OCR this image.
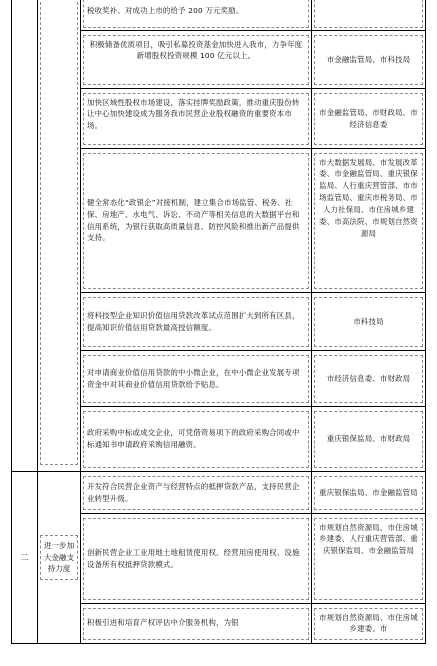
		税收奖补、对成功上市的给予 200 万元奖励。	

		积极储备优质项目，吸引私募投资基金加快进入我市，力争年度新增股权投资规模 100 亿元以上。	市金融监管局、市科技局

		加快区域性股权市场建设，落实挂牌奖励政策，推动重庆股份转让中心加快建设成为服务我市民营企业股权融资的重要资本市场。	市金融监管局、市财政局、市经济信息委

		健全常态化“政银企”对接机制，建立集合市场监管、税务、社保、房地产、水电气、诉讼、不动产等相关信息的大数据平台和信用系统，为银行获取高质量信息、防控风险和推出新产品提供支持。	市大数据发展局、市发展改革委、市金融监管局、重庆银保监局、人行重庆营管部、市市场监管局、重庆市税务局、市人力社保局、市住房城乡建委、市高法院、市规划自然资源局

		将科技型企业知识价值信用贷款改革试点范围扩大到所有区县，提高知识价值信用贷款最高授信额度。	市科技局

		对申请商业价值信用贷款的中小微企业，在中小微企业发展专项资金中对其商业价值信用贷款给予贴息。	市经济信息委、市财政局

		政府采购中标或成交企业，可凭借资易项下的政府采购合同或中标通知书申请政府采购信用融资。	重庆银保监局、市财政局

二	进一步加大金融支持力度	开发符合民营企业资产与经营特点的抵押贷款产品，支持民营企业转型升级。	重庆银保监局、市金融监管局

		创新民营企业工业用地土地租赁使用权、经营用房使用权、设施设备所有权抵押贷款模式。	市规划自然资源局、市住房城乡建委、人行重庆营管部、重庆银保监局、市金融监管局

		积极引进和培育产权评估中介服务机构，为银	市规划自然资源局、市住房城乡建委、市
